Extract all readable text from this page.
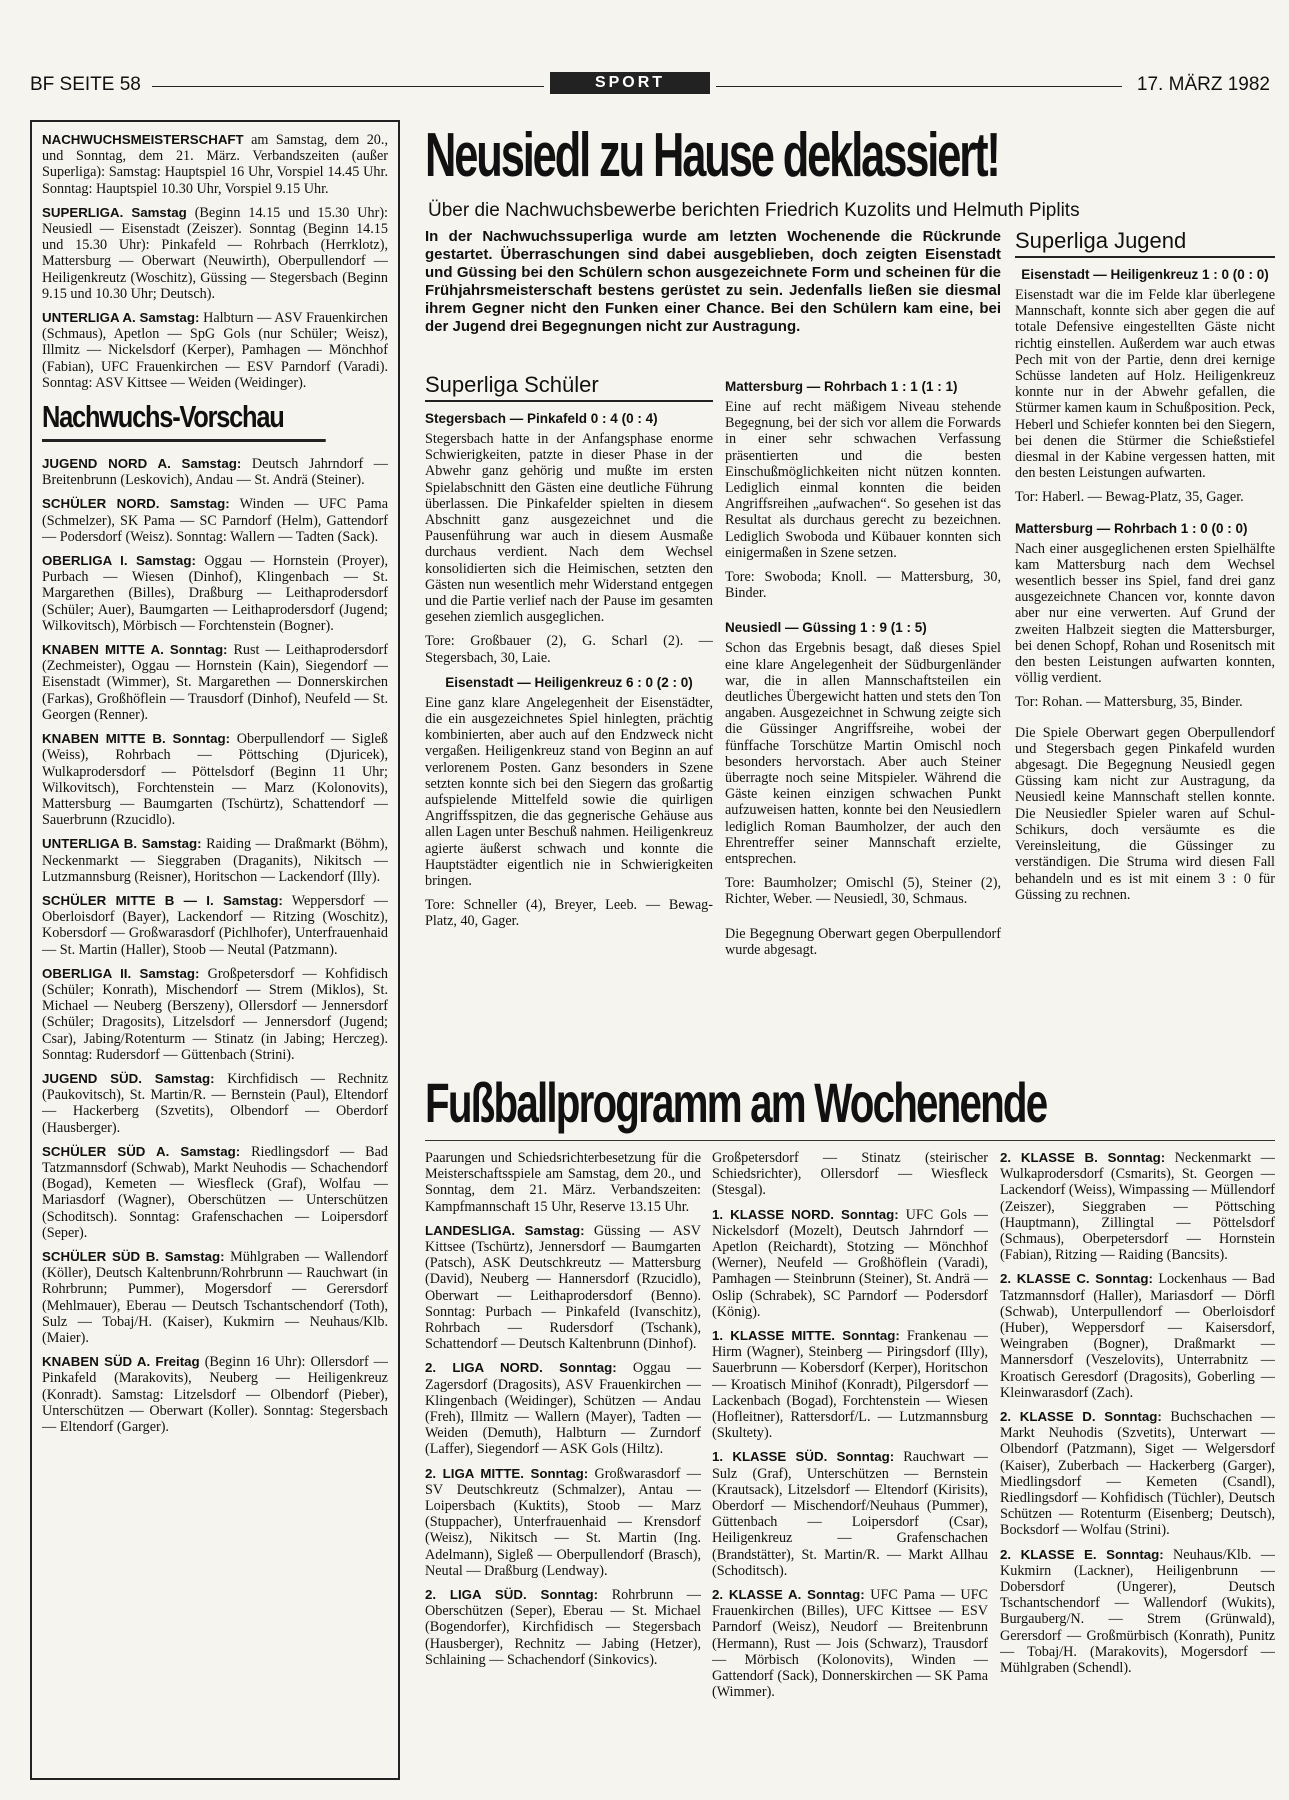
BF SEITE 58	SPORT	17. MÄRZ 1982

NACHWUCHSMEISTERSCHAFT am Samstag, dem 20., und Sonntag, dem 21. März. Verbandszeiten (außer Superliga): Samstag: Hauptspiel 16 Uhr, Vorspiel 14.45 Uhr. Sonntag: Hauptspiel 10.30 Uhr, Vorspiel 9.15 Uhr.

SUPERLIGA. Samstag (Beginn 14.15 und 15.30 Uhr): Neusiedl — Eisenstadt (Zeiszer). Sonntag (Beginn 14.15 und 15.30 Uhr): Pinkafeld — Rohrbach (Herrklotz), Mattersburg — Oberwart (Neuwirth), Oberpullendorf — Heiligenkreutz (Woschitz), Güssing — Stegersbach (Beginn 9.15 und 10.30 Uhr; Deutsch).

UNTERLIGA A. Samstag: Halbturn — ASV Frauenkirchen (Schmaus), Apetlon — SpG Gols (nur Schüler; Weisz), Illmitz — Nickelsdorf (Kerper), Pamhagen — Mönchhof (Fabian), UFC Frauenkirchen — ESV Parndorf (Varadi). Sonntag: ASV Kittsee — Weiden (Weidinger).

Nachwuchs-Vorschau

JUGEND NORD A. Samstag: Deutsch Jahrndorf — Breitenbrunn (Leskovich), Andau — St. Andrä (Steiner).

SCHÜLER NORD. Samstag: Winden — UFC Pama (Schmelzer), SK Pama — SC Parndorf (Helm), Gattendorf — Podersdorf (Weisz). Sonntag: Wallern — Tadten (Sack).

OBERLIGA I. Samstag: Oggau — Hornstein (Proyer), Purbach — Wiesen (Dinhof), Klingenbach — St. Margarethen (Billes), Draßburg — Leithaprodersdorf (Schüler; Auer), Baumgarten — Leithaprodersdorf (Jugend; Wilkovitsch), Mörbisch — Forchtenstein (Bogner).

KNABEN MITTE A. Sonntag: Rust — Leithaprodersdorf (Zechmeister), Oggau — Hornstein (Kain), Siegendorf — Eisenstadt (Wimmer), St. Margarethen — Donnerskirchen (Farkas), Großhöflein — Trausdorf (Dinhof), Neufeld — St. Georgen (Renner).

KNABEN MITTE B. Sonntag: Oberpullendorf — Sigleß (Weiss), Rohrbach — Pöttsching (Djuricek), Wulkaprodersdorf — Pöttelsdorf (Beginn 11 Uhr; Wilkovitsch), Forchtenstein — Marz (Kolonovits), Mattersburg — Baumgarten (Tschürtz), Schattendorf — Sauerbrunn (Rzucidlo).

UNTERLIGA B. Samstag: Raiding — Draßmarkt (Böhm), Neckenmarkt — Sieggraben (Draganits), Nikitsch — Lutzmannsburg (Reisner), Horitschon — Lackendorf (Illy).

SCHÜLER MITTE B — I. Samstag: Weppersdorf — Oberloisdorf (Bayer), Lackendorf — Ritzing (Woschitz), Kobersdorf — Großwarasdorf (Pichlhofer), Unterfrauenhaid — St. Martin (Haller), Stoob — Neutal (Patzmann).

OBERLIGA II. Samstag: Großpetersdorf — Kohfidisch (Schüler; Konrath), Mischendorf — Strem (Miklos), St. Michael — Neuberg (Berszeny), Ollersdorf — Jennersdorf (Schüler; Dragosits), Litzelsdorf — Jennersdorf (Jugend; Csar), Jabing/Rotenturm — Stinatz (in Jabing; Herczeg). Sonntag: Rudersdorf — Güttenbach (Strini).

JUGEND SÜD. Samstag: Kirchfidisch — Rechnitz (Paukovitsch), St. Martin/R. — Bernstein (Paul), Eltendorf — Hackerberg (Szvetits), Olbendorf — Oberdorf (Hausberger).

SCHÜLER SÜD A. Samstag: Riedlingsdorf — Bad Tatzmannsdorf (Schwab), Markt Neuhodis — Schachendorf (Bogad), Kemeten — Wiesfleck (Graf), Wolfau — Mariasdorf (Wagner), Oberschützen — Unterschützen (Schoditsch). Sonntag: Grafenschachen — Loipersdorf (Seper).

SCHÜLER SÜD B. Samstag: Mühlgraben — Wallendorf (Köller), Deutsch Kaltenbrunn/Rohrbrunn — Rauchwart (in Rohrbrunn; Pummer), Mogersdorf — Gerersdorf (Mehlmauer), Eberau — Deutsch Tschantschendorf (Toth), Sulz — Tobaj/H. (Kaiser), Kukmirn — Neuhaus/Klb. (Maier).

KNABEN SÜD A. Freitag (Beginn 16 Uhr): Ollersdorf — Pinkafeld (Marakovits), Neuberg — Heiligenkreuz (Konradt). Samstag: Litzelsdorf — Olbendorf (Pieber), Unterschützen — Oberwart (Koller). Sonntag: Stegersbach — Eltendorf (Garger).

Neusiedl zu Hause deklassiert!
Über die Nachwuchsbewerbe berichten Friedrich Kuzolits und Helmuth Piplits
In der Nachwuchssuperliga wurde am letzten Wochenende die Rückrunde gestartet. Überraschungen sind dabei ausgeblieben, doch zeigten Eisenstadt und Güssing bei den Schülern schon ausgezeichnete Form und scheinen für die Frühjahrsmeisterschaft bestens gerüstet zu sein. Jedenfalls ließen sie diesmal ihrem Gegner nicht den Funken einer Chance. Bei den Schülern kam eine, bei der Jugend drei Begegnungen nicht zur Austragung.
Superliga Schüler
Stegersbach — Pinkafeld 0 : 4 (0 : 4)

Stegersbach hatte in der Anfangsphase enorme Schwierigkeiten, patzte in dieser Phase in der Abwehr ganz gehörig und mußte im ersten Spielabschnitt den Gästen eine deutliche Führung überlassen. Die Pinkafelder spielten in diesem Abschnitt ganz ausgezeichnet und die Pausenführung war auch in diesem Ausmaße durchaus verdient. Nach dem Wechsel konsolidierten sich die Heimischen, setzten den Gästen nun wesentlich mehr Widerstand entgegen und die Partie verlief nach der Pause im gesamten gesehen ziemlich ausgeglichen.

Tore: Großbauer (2), G. Scharl (2). — Stegersbach, 30, Laie.

Eisenstadt — Heiligenkreuz 6 : 0 (2 : 0)

Eine ganz klare Angelegenheit der Eisenstädter, die ein ausgezeichnetes Spiel hinlegten, prächtig kombinierten, aber auch auf den Endzweck nicht vergaßen. Heiligenkreuz stand von Beginn an auf verlorenem Posten. Ganz besonders in Szene setzten konnte sich bei den Siegern das großartig aufspielende Mittelfeld sowie die quirligen Angriffsspitzen, die das gegnerische Gehäuse aus allen Lagen unter Beschuß nahmen. Heiligenkreuz agierte äußerst schwach und konnte die Hauptstädter eigentlich nie in Schwierigkeiten bringen.

Tore: Schneller (4), Breyer, Leeb. — Bewag-Platz, 40, Gager.

Mattersburg — Rohrbach 1 : 1 (1 : 1)

Eine auf recht mäßigem Niveau stehende Begegnung, bei der sich vor allem die Forwards in einer sehr schwachen Verfassung präsentierten und die besten Einschußmöglichkeiten nicht nützen konnten. Lediglich einmal konnten die beiden Angriffsreihen „aufwachen“. So gesehen ist das Resultat als durchaus gerecht zu bezeichnen. Lediglich Swoboda und Kübauer konnten sich einigermaßen in Szene setzen.

Tore: Swoboda; Knoll. — Mattersburg, 30, Binder.

Neusiedl — Güssing 1 : 9 (1 : 5)

Schon das Ergebnis besagt, daß dieses Spiel eine klare Angelegenheit der Südburgenländer war, die in allen Mannschaftsteilen ein deutliches Übergewicht hatten und stets den Ton angaben. Ausgezeichnet in Schwung zeigte sich die Güssinger Angriffsreihe, wobei der fünffache Torschütze Martin Omischl noch besonders hervorstach. Aber auch Steiner überragte noch seine Mitspieler. Während die Gäste keinen einzigen schwachen Punkt aufzuweisen hatten, konnte bei den Neusiedlern lediglich Roman Baumholzer, der auch den Ehrentreffer seiner Mannschaft erzielte, entsprechen.

Tore: Baumholzer; Omischl (5), Steiner (2), Richter, Weber. — Neusiedl, 30, Schmaus.

Die Begegnung Oberwart gegen Oberpullendorf wurde abgesagt.

Superliga Jugend
Eisenstadt — Heiligenkreuz 1 : 0 (0 : 0)

Eisenstadt war die im Felde klar überlegene Mannschaft, konnte sich aber gegen die auf totale Defensive eingestellten Gäste nicht richtig einstellen. Außerdem war auch etwas Pech mit von der Partie, denn drei kernige Schüsse landeten auf Holz. Heiligenkreuz konnte nur in der Abwehr gefallen, die Stürmer kamen kaum in Schußposition. Peck, Heberl und Schiefer konnten bei den Siegern, bei denen die Stürmer die Schießstiefel diesmal in der Kabine vergessen hatten, mit den besten Leistungen aufwarten.

Tor: Haberl. — Bewag-Platz, 35, Gager.

Mattersburg — Rohrbach 1 : 0 (0 : 0)

Nach einer ausgeglichenen ersten Spielhälfte kam Mattersburg nach dem Wechsel wesentlich besser ins Spiel, fand drei ganz ausgezeichnete Chancen vor, konnte davon aber nur eine verwerten. Auf Grund der zweiten Halbzeit siegten die Mattersburger, bei denen Schopf, Rohan und Rosenitsch mit den besten Leistungen aufwarten konnten, völlig verdient.

Tor: Rohan. — Mattersburg, 35, Binder.

Die Spiele Oberwart gegen Oberpullendorf und Stegersbach gegen Pinkafeld wurden abgesagt. Die Begegnung Neusiedl gegen Güssing kam nicht zur Austragung, da Neusiedl keine Mannschaft stellen konnte. Die Neusiedler Spieler waren auf Schul-Schikurs, doch versäumte es die Vereinsleitung, die Güssinger zu verständigen. Die Struma wird diesen Fall behandeln und es ist mit einem 3 : 0 für Güssing zu rechnen.

Fußballprogramm am Wochenende

Paarungen und Schiedsrichterbesetzung für die Meisterschaftsspiele am Samstag, dem 20., und Sonntag, dem 21. März. Verbandszeiten: Kampfmannschaft 15 Uhr, Reserve 13.15 Uhr.

LANDESLIGA. Samstag: Güssing — ASV Kittsee (Tschürtz), Jennersdorf — Baumgarten (Patsch), ASK Deutschkreutz — Mattersburg (David), Neuberg — Hannersdorf (Rzucidlo), Oberwart — Leithaprodersdorf (Benno). Sonntag: Purbach — Pinkafeld (Ivanschitz), Rohrbach — Rudersdorf (Tschank), Schattendorf — Deutsch Kaltenbrunn (Dinhof).

2. LIGA NORD. Sonntag: Oggau — Zagersdorf (Dragosits), ASV Frauenkirchen — Klingenbach (Weidinger), Schützen — Andau (Freh), Illmitz — Wallern (Mayer), Tadten — Weiden (Demuth), Halbturn — Zurndorf (Laffer), Siegendorf — ASK Gols (Hiltz).

2. LIGA MITTE. Sonntag: Großwarasdorf — SV Deutschkreutz (Schmalzer), Antau — Loipersbach (Kuktits), Stoob — Marz (Stuppacher), Unterfrauenhaid — Krensdorf (Weisz), Nikitsch — St. Martin (Ing. Adelmann), Sigleß — Oberpullendorf (Brasch), Neutal — Draßburg (Lendway).

2. LIGA SÜD. Sonntag: Rohrbrunn — Oberschützen (Seper), Eberau — St. Michael (Bogendorfer), Kirchfidisch — Stegersbach (Hausberger), Rechnitz — Jabing (Hetzer), Schlaining — Schachendorf (Sinkovics).

Großpetersdorf — Stinatz (steirischer Schiedsrichter), Ollersdorf — Wiesfleck (Stesgal).

1. KLASSE NORD. Sonntag: UFC Gols — Nickelsdorf (Mozelt), Deutsch Jahrndorf — Apetlon (Reichardt), Stotzing — Mönchhof (Werner), Neufeld — Großhöflein (Varadi), Pamhagen — Steinbrunn (Steiner), St. Andrä — Oslip (Schrabek), SC Parndorf — Podersdorf (König).

1. KLASSE MITTE. Sonntag: Frankenau — Hirm (Wagner), Steinberg — Piringsdorf (Illy), Sauerbrunn — Kobersdorf (Kerper), Horitschon — Kroatisch Minihof (Konradt), Pilgersdorf — Lackenbach (Bogad), Forchtenstein — Wiesen (Hofleitner), Rattersdorf/L. — Lutzmannsburg (Skultety).

1. KLASSE SÜD. Sonntag: Rauchwart — Sulz (Graf), Unterschützen — Bernstein (Krautsack), Litzelsdorf — Eltendorf (Kirisits), Oberdorf — Mischendorf/Neuhaus (Pummer), Güttenbach — Loipersdorf (Csar), Heiligenkreuz — Grafenschachen (Brandstätter), St. Martin/R. — Markt Allhau (Schoditsch).

2. KLASSE A. Sonntag: UFC Pama — UFC Frauenkirchen (Billes), UFC Kittsee — ESV Parndorf (Weisz), Neudorf — Breitenbrunn (Hermann), Rust — Jois (Schwarz), Trausdorf — Mörbisch (Kolonovits), Winden — Gattendorf (Sack), Donnerskirchen — SK Pama (Wimmer).

2. KLASSE B. Sonntag: Neckenmarkt — Wulkaprodersdorf (Csmarits), St. Georgen — Lackendorf (Weiss), Wimpassing — Müllendorf (Zeiszer), Sieggraben — Pöttsching (Hauptmann), Zillingtal — Pöttelsdorf (Schmaus), Oberpetersdorf — Hornstein (Fabian), Ritzing — Raiding (Bancsits).

2. KLASSE C. Sonntag: Lockenhaus — Bad Tatzmannsdorf (Haller), Mariasdorf — Dörfl (Schwab), Unterpullendorf — Oberloisdorf (Huber), Weppersdorf — Kaisersdorf, Weingraben (Bogner), Draßmarkt — Mannersdorf (Veszelovits), Unterrabnitz — Kroatisch Geresdorf (Dragosits), Goberling — Kleinwarasdorf (Zach).

2. KLASSE D. Sonntag: Buchschachen — Markt Neuhodis (Szvetits), Unterwart — Olbendorf (Patzmann), Siget — Welgersdorf (Kaiser), Zuberbach — Hackerberg (Garger), Miedlingsdorf — Kemeten (Csandl), Riedlingsdorf — Kohfidisch (Tüchler), Deutsch Schützen — Rotenturm (Eisenberg; Deutsch), Bocksdorf — Wolfau (Strini).

2. KLASSE E. Sonntag: Neuhaus/Klb. — Kukmirn (Lackner), Heiligenbrunn — Dobersdorf (Ungerer), Deutsch Tschantschendorf — Wallendorf (Wukits), Burgauberg/N. — Strem (Grünwald), Gerersdorf — Großmürbisch (Konrath), Punitz — Tobaj/H. (Marakovits), Mogersdorf — Mühlgraben (Schendl).
